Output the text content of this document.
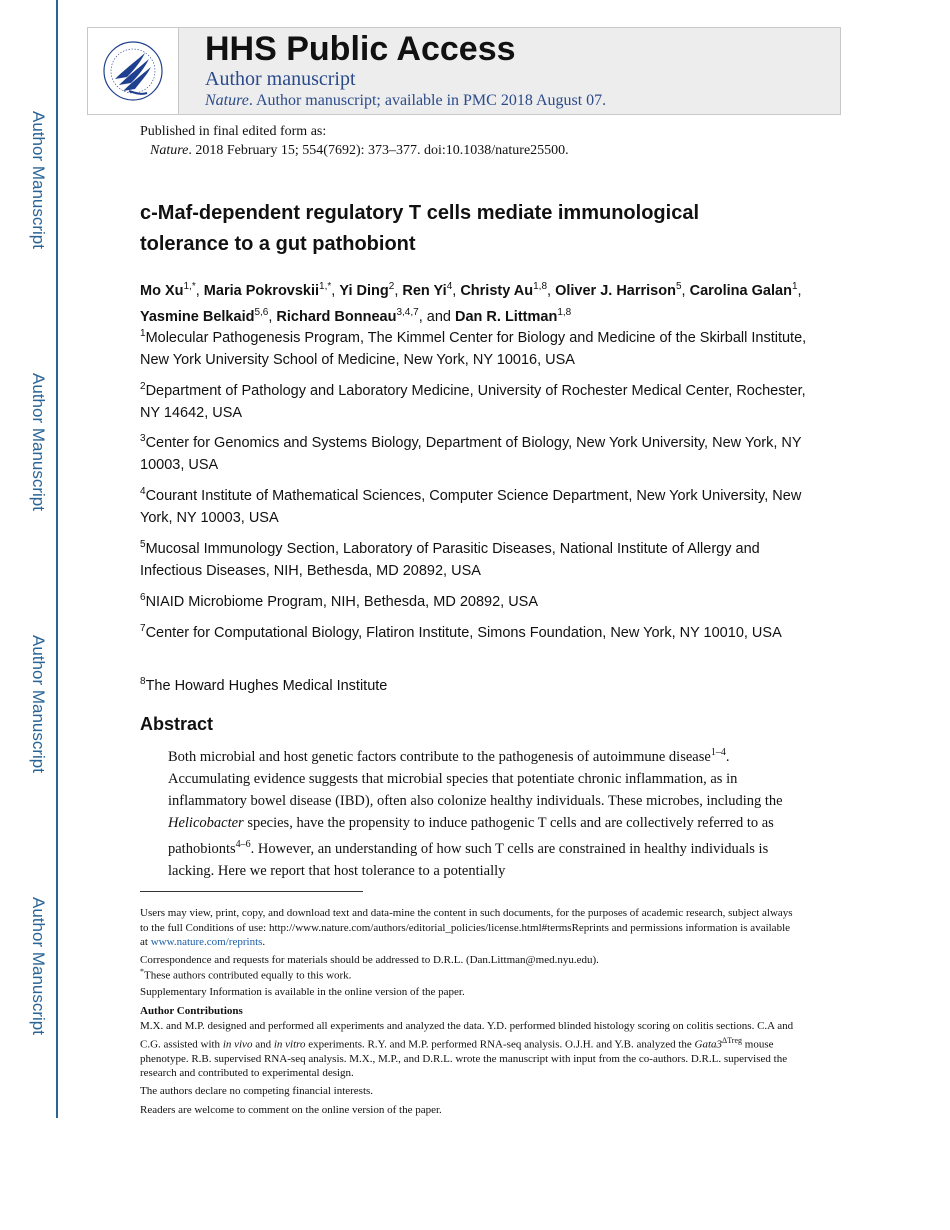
Author Manuscript
Author Manuscript
Author Manuscript
Author Manuscript
HHS Public Access
Author manuscript
Nature. Author manuscript; available in PMC 2018 August 07.
Published in final edited form as:
Nature. 2018 February 15; 554(7692): 373–377. doi:10.1038/nature25500.
c-Maf-dependent regulatory T cells mediate immunological
tolerance to a gut pathobiont
Mo $Xu^{1,*}$, Maria Pokrovskii$^{1,*}$, Yi Ding$^2$, Ren Yi$^4$, Christy Au$^{1,8}$, Oliver J. Harrison$^5$, Carolina Galan$^1$, Yasmine Belkaid$^{5,6}$, Richard Bonneau$^{3,4,7}$, and Dan R. Littman$^{1,8}$
$^1$Molecular Pathogenesis Program, The Kimmel Center for Biology and Medicine of the Skirball Institute, New York University School of Medicine, New York, NY 10016, USA
$^2$Department of Pathology and Laboratory Medicine, University of Rochester Medical Center, Rochester, NY 14642, USA
$^3$Center for Genomics and Systems Biology, Department of Biology, New York University, New York, NY 10003, USA
$^4$Courant Institute of Mathematical Sciences, Computer Science Department, New York University, New York, NY 10003, USA
$^5$Mucosal Immunology Section, Laboratory of Parasitic Diseases, National Institute of Allergy and Infectious Diseases, NIH, Bethesda, MD 20892, USA
$^6$NIAID Microbiome Program, NIH, Bethesda, MD 20892, USA
$^7$Center for Computational Biology, Flatiron Institute, Simons Foundation, New York, NY 10010, USA
$^8$The Howard Hughes Medical Institute
Abstract
Both microbial and host genetic factors contribute to the pathogenesis of autoimmune disease$^{1-4}$. Accumulating evidence suggests that microbial species that potentiate chronic inflammation, as in inflammatory bowel disease (IBD), often also colonize healthy individuals. These microbes, including the Helicobacter species, have the propensity to induce pathogenic T cells and are collectively referred to as pathobionts$^{4-6}$. However, an understanding of how such T cells are constrained in healthy individuals is lacking. Here we report that host tolerance to a potentially
Users may view, print, copy, and download text and data-mine the content in such documents, for the purposes of academic research, subject always to the full Conditions of use: http://www.nature.com/authors/editorial_policies/license.html#termsReprints and permissions information is available at www.nature.com/reprints.
Correspondence and requests for materials should be addressed to D.R.L. (Dan.Littman@med.nyu.edu).
*These authors contributed equally to this work.
Supplementary Information is available in the online version of the paper.
Author Contributions
M.X. and M.P. designed and performed all experiments and analyzed the data. Y.D. performed blinded histology scoring on colitis sections. C.A and C.G. assisted with in vivo and in vitro experiments. R.Y. and M.P. performed RNA-seq analysis. O.J.H. and Y.B. analyzed the $Gata3^{\Delta Treg}$ mouse phenotype. R.B. supervised RNA-seq analysis. M.X., M.P., and D.R.L. wrote the manuscript with input from the co-authors. D.R.L. supervised the research and contributed to experimental design.
The authors declare no competing financial interests.
Readers are welcome to comment on the online version of the paper.
